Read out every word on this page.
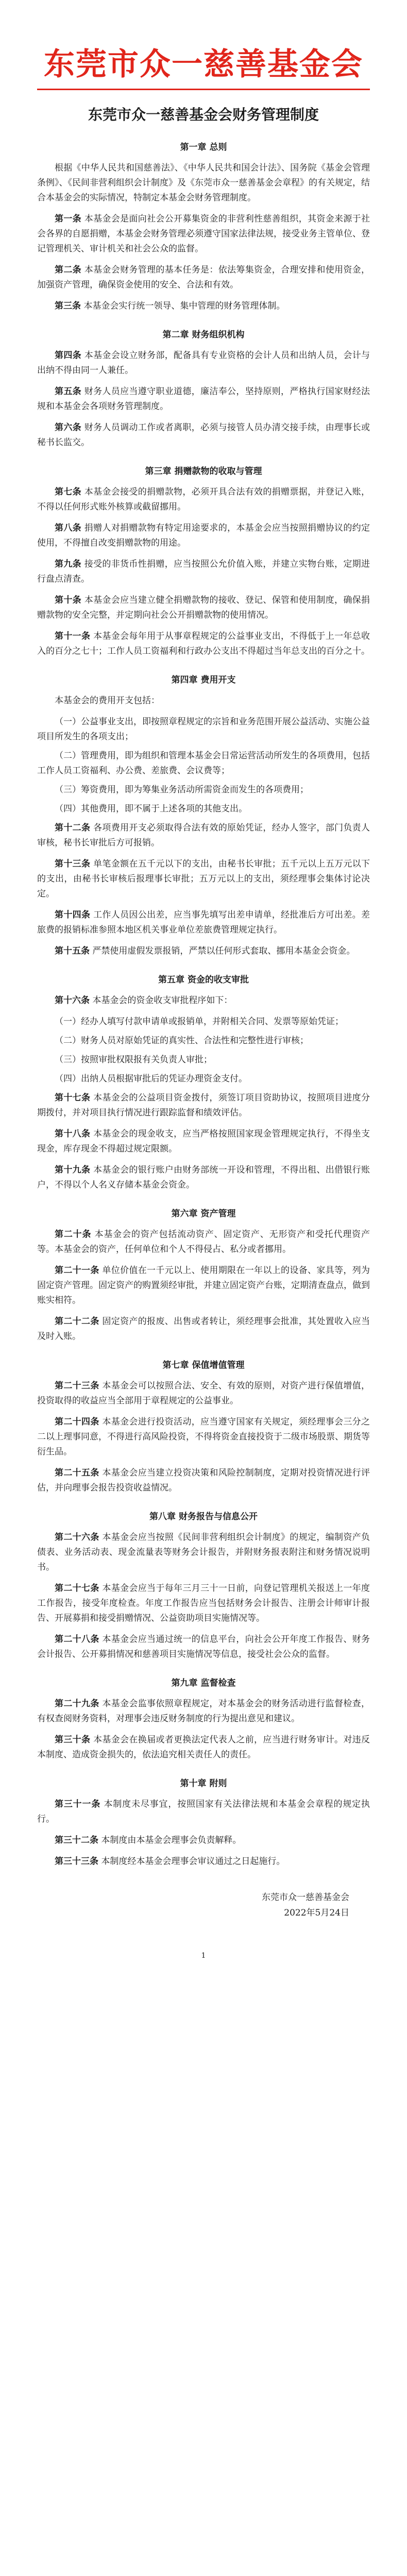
东莞市众一慈善基金会
东莞市众一慈善基金会财务管理制度
第一章 总则

根据《中华人民共和国慈善法》、《中华人民共和国会计法》、国务院《基金会管理条例》、《民间非营利组织会计制度》及《东莞市众一慈善基金会章程》的有关规定，结合本基金会的实际情况，特制定本基金会财务管理制度。

第一条 本基金会是面向社会公开募集资金的非营利性慈善组织，其资金来源于社会各界的自愿捐赠，本基金会财务管理必须遵守国家法律法规，接受业务主管单位、登记管理机关、审计机关和社会公众的监督。

第二条 本基金会财务管理的基本任务是：依法筹集资金，合理安排和使用资金，加强资产管理，确保资金使用的安全、合法和有效。

第三条 本基金会实行统一领导、集中管理的财务管理体制。

第二章 财务组织机构

第四条 本基金会设立财务部，配备具有专业资格的会计人员和出纳人员，会计与出纳不得由同一人兼任。

第五条 财务人员应当遵守职业道德，廉洁奉公，坚持原则，严格执行国家财经法规和本基金会各项财务管理制度。

第六条 财务人员调动工作或者离职，必须与接管人员办清交接手续，由理事长或秘书长监交。

第三章 捐赠款物的收取与管理

第七条 本基金会接受的捐赠款物，必须开具合法有效的捐赠票据，并登记入账，不得以任何形式账外核算或截留挪用。

第八条 捐赠人对捐赠款物有特定用途要求的，本基金会应当按照捐赠协议的约定使用，不得擅自改变捐赠款物的用途。

第九条 接受的非货币性捐赠，应当按照公允价值入账，并建立实物台账，定期进行盘点清查。

第十条 本基金会应当建立健全捐赠款物的接收、登记、保管和使用制度，确保捐赠款物的安全完整，并定期向社会公开捐赠款物的使用情况。

第十一条 本基金会每年用于从事章程规定的公益事业支出，不得低于上一年总收入的百分之七十；工作人员工资福利和行政办公支出不得超过当年总支出的百分之十。

第四章 费用开支

本基金会的费用开支包括：

（一）公益事业支出，即按照章程规定的宗旨和业务范围开展公益活动、实施公益项目所发生的各项支出；

（二）管理费用，即为组织和管理本基金会日常运营活动所发生的各项费用，包括工作人员工资福利、办公费、差旅费、会议费等；

（三）筹资费用，即为筹集业务活动所需资金而发生的各项费用；

（四）其他费用，即不属于上述各项的其他支出。

第十二条 各项费用开支必须取得合法有效的原始凭证，经办人签字，部门负责人审核，秘书长审批后方可报销。

第十三条 单笔金额在五千元以下的支出，由秘书长审批；五千元以上五万元以下的支出，由秘书长审核后报理事长审批；五万元以上的支出，须经理事会集体讨论决定。

第十四条 工作人员因公出差，应当事先填写出差申请单，经批准后方可出差。差旅费的报销标准参照本地区机关事业单位差旅费管理规定执行。

第十五条 严禁使用虚假发票报销，严禁以任何形式套取、挪用本基金会资金。

第五章 资金的收支审批

第十六条 本基金会的资金收支审批程序如下：

（一）经办人填写付款申请单或报销单，并附相关合同、发票等原始凭证；

（二）财务人员对原始凭证的真实性、合法性和完整性进行审核；

（三）按照审批权限报有关负责人审批；

（四）出纳人员根据审批后的凭证办理资金支付。

第十七条 本基金会的公益项目资金拨付，须签订项目资助协议，按照项目进度分期拨付，并对项目执行情况进行跟踪监督和绩效评估。

第十八条 本基金会的现金收支，应当严格按照国家现金管理规定执行，不得坐支现金，库存现金不得超过规定限额。

第十九条 本基金会的银行账户由财务部统一开设和管理，不得出租、出借银行账户，不得以个人名义存储本基金会资金。

第六章 资产管理

第二十条 本基金会的资产包括流动资产、固定资产、无形资产和受托代理资产等。本基金会的资产，任何单位和个人不得侵占、私分或者挪用。

第二十一条 单位价值在一千元以上、使用期限在一年以上的设备、家具等，列为固定资产管理。固定资产的购置须经审批，并建立固定资产台账，定期清查盘点，做到账实相符。

第二十二条 固定资产的报废、出售或者转让，须经理事会批准，其处置收入应当及时入账。

第七章 保值增值管理

第二十三条 本基金会可以按照合法、安全、有效的原则，对资产进行保值增值，投资取得的收益应当全部用于章程规定的公益事业。

第二十四条 本基金会进行投资活动，应当遵守国家有关规定，须经理事会三分之二以上理事同意，不得进行高风险投资，不得将资金直接投资于二级市场股票、期货等衍生品。

第二十五条 本基金会应当建立投资决策和风险控制制度，定期对投资情况进行评估，并向理事会报告投资收益情况。

第八章 财务报告与信息公开

第二十六条 本基金会应当按照《民间非营利组织会计制度》的规定，编制资产负债表、业务活动表、现金流量表等财务会计报告，并附财务报表附注和财务情况说明书。

第二十七条 本基金会应当于每年三月三十一日前，向登记管理机关报送上一年度工作报告，接受年度检查。年度工作报告应当包括财务会计报告、注册会计师审计报告、开展募捐和接受捐赠情况、公益资助项目实施情况等。

第二十八条 本基金会应当通过统一的信息平台，向社会公开年度工作报告、财务会计报告、公开募捐情况和慈善项目实施情况等信息，接受社会公众的监督。

第九章 监督检查

第二十九条 本基金会监事依照章程规定，对本基金会的财务活动进行监督检查，有权查阅财务资料，对理事会违反财务制度的行为提出意见和建议。

第三十条 本基金会在换届或者更换法定代表人之前，应当进行财务审计。对违反本制度、造成资金损失的，依法追究相关责任人的责任。

第十章 附则

第三十一条 本制度未尽事宜，按照国家有关法律法规和本基金会章程的规定执行。

第三十二条 本制度由本基金会理事会负责解释。

第三十三条 本制度经本基金会理事会审议通过之日起施行。

东莞市众一慈善基金会
2022年5月24日
1
